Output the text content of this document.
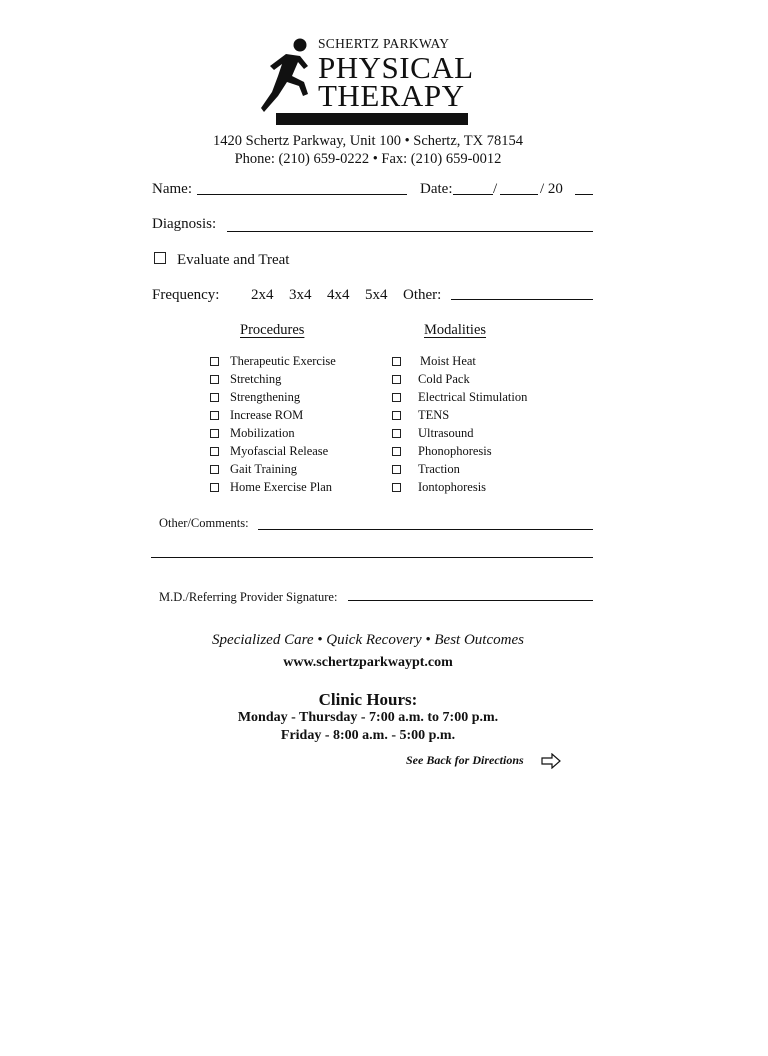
SCHERTZ PARKWAY
PHYSICAL
THERAPY
1420 Schertz Parkway, Unit 100 • Schertz, TX 78154
Phone: (210) 659-0222 • Fax: (210) 659-0012
Name:	Date:	/	/ 20
Diagnosis:
Evaluate and Treat
Frequency: 2x4 3x4 4x4 5x4 Other:
Procedures	Modalities
Therapeutic Exercise
Stretching
Strengthening
Increase ROM
Mobilization
Myofascial Release
Gait Training
Home Exercise Plan
Moist Heat
Cold Pack
Electrical Stimulation
TENS
Ultrasound
Phonophoresis
Traction
Iontophoresis
Other/Comments:
M.D./Referring Provider Signature:
Specialized Care • Quick Recovery • Best Outcomes
www.schertzparkwaypt.com
Clinic Hours:
Monday - Thursday - 7:00 a.m. to 7:00 p.m.
Friday - 8:00 a.m. - 5:00 p.m.
See Back for Directions
